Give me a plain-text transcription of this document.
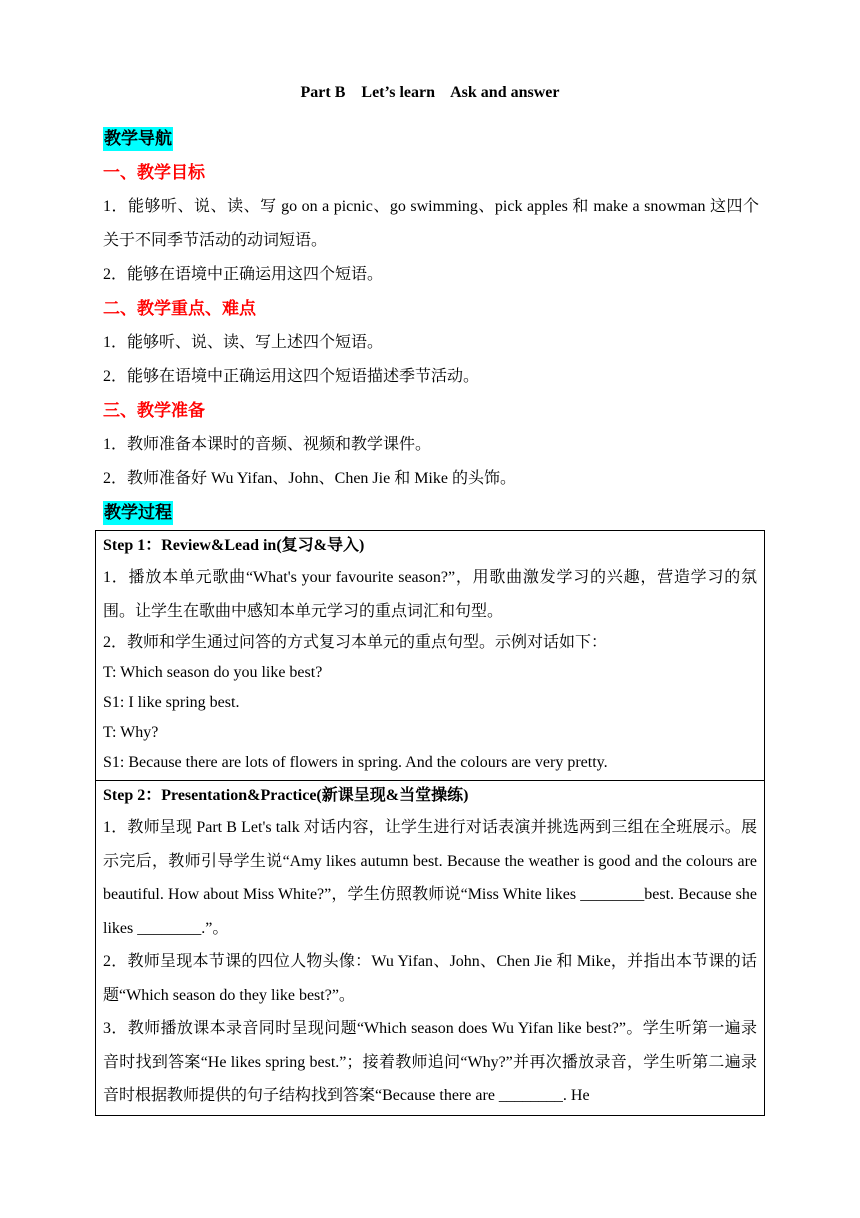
Part B    Let’s learn    Ask and answer
教学导航

一、教学目标

1．能够听、说、读、写 go on a picnic、go swimming、pick apples 和 make a snowman 这四个关于不同季节活动的动词短语。

2．能够在语境中正确运用这四个短语。

二、教学重点、难点

1．能够听、说、读、写上述四个短语。

2．能够在语境中正确运用这四个短语描述季节活动。

三、教学准备

1．教师准备本课时的音频、视频和教学课件。

2．教师准备好 Wu Yifan、John、Chen Jie 和 Mike 的头饰。

教学过程

Step 1：Review&Lead in(复习&导入)

1．播放本单元歌曲“What's your favourite season?”，用歌曲激发学习的兴趣，营造学习的氛围。让学生在歌曲中感知本单元学习的重点词汇和句型。

2．教师和学生通过问答的方式复习本单元的重点句型。示例对话如下：

T: Which season do you like best?

S1: I like spring best.

T: Why?

S1: Because there are lots of flowers in spring. And the colours are very pretty.

Step 2：Presentation&Practice(新课呈现&当堂操练)

1．教师呈现 Part B Let's talk 对话内容，让学生进行对话表演并挑选两到三组在全班展示。展示完后，教师引导学生说“Amy likes autumn best. Because the weather is good and the colours are beautiful. How about Miss White?”，学生仿照教师说“Miss White likes ________best. Because she likes ________.”。

2．教师呈现本节课的四位人物头像：Wu Yifan、John、Chen Jie 和 Mike，并指出本节课的话题“Which season do they like best?”。

3．教师播放课本录音同时呈现问题“Which season does Wu Yifan like best?”。学生听第一遍录音时找到答案“He likes spring best.”；接着教师追问“Why?”并再次播放录音，学生听第二遍录音时根据教师提供的句子结构找到答案“Because there are ________. He
